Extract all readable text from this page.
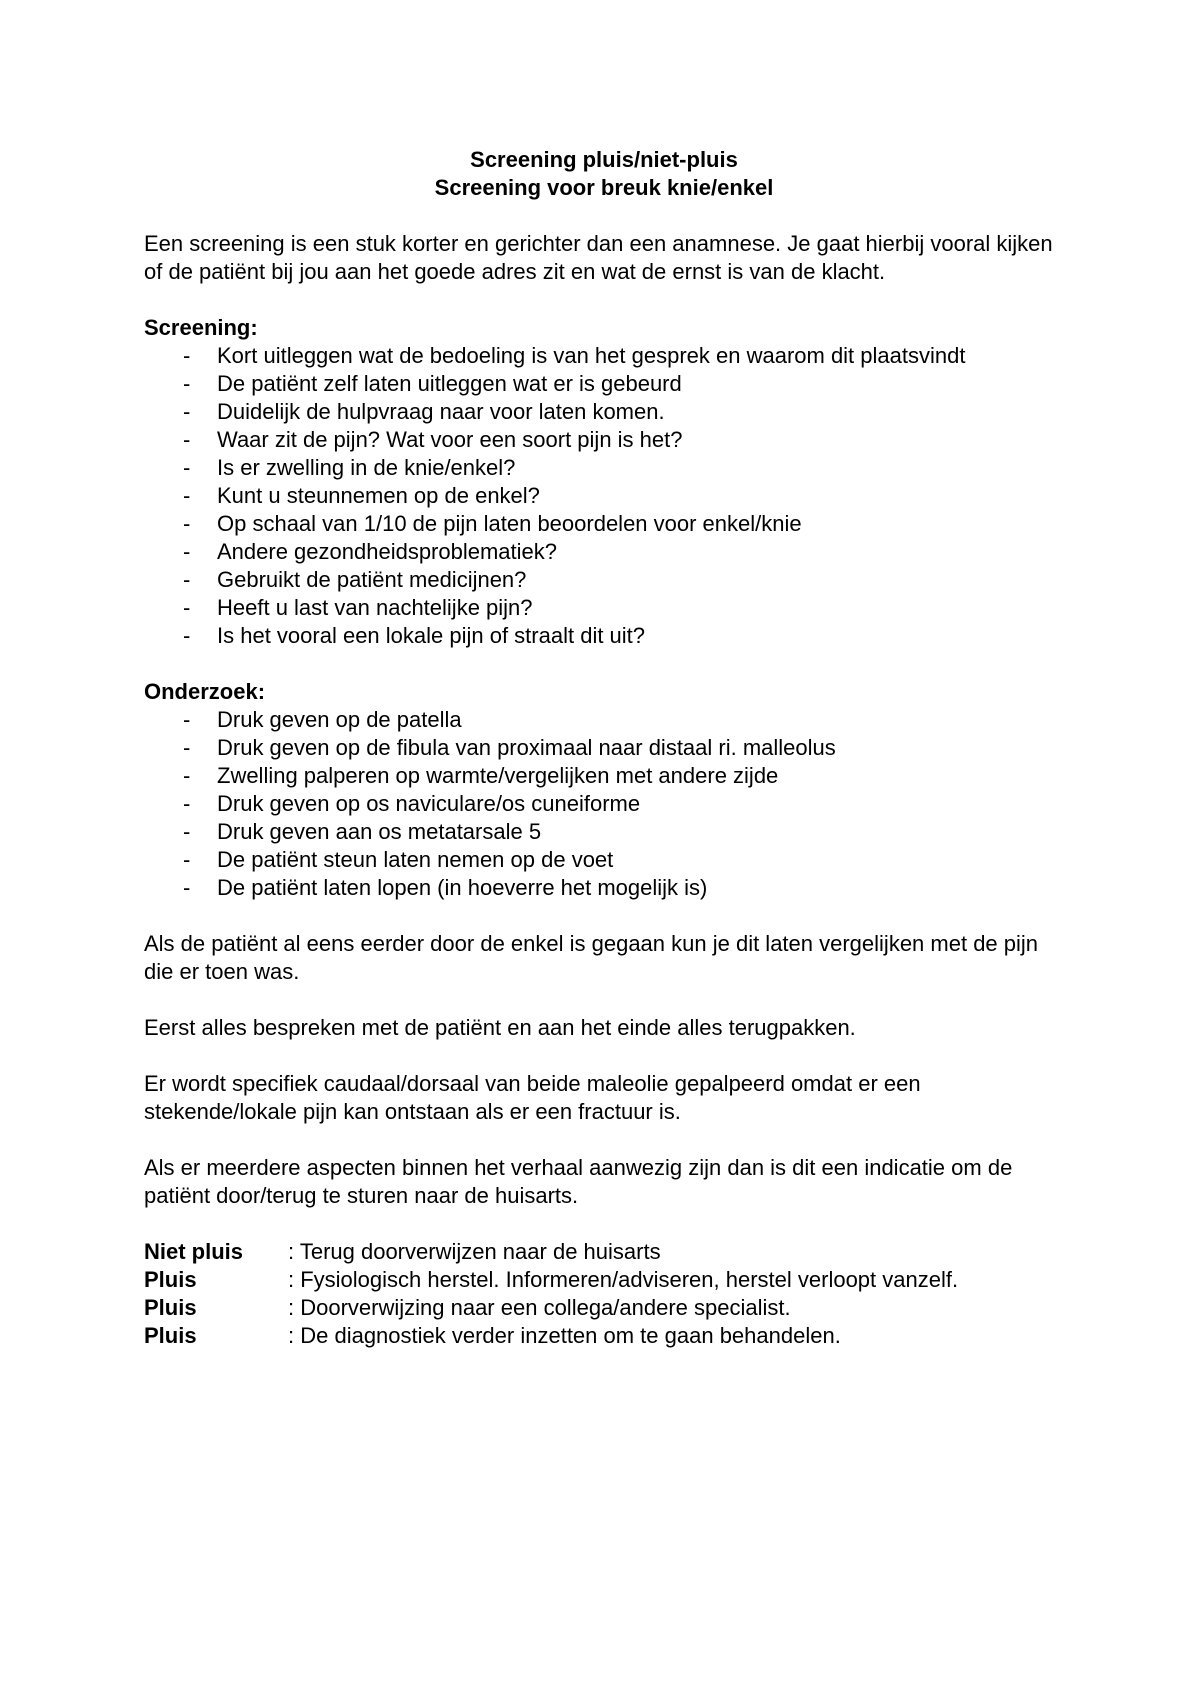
Screening pluis/niet-pluis
Screening voor breuk knie/enkel

Een screening is een stuk korter en gerichter dan een anamnese. Je gaat hierbij vooral kijken of de patiënt bij jou aan het goede adres zit en wat de ernst is van de klacht.

Screening:
- Kort uitleggen wat de bedoeling is van het gesprek en waarom dit plaatsvindt
- De patiënt zelf laten uitleggen wat er is gebeurd
- Duidelijk de hulpvraag naar voor laten komen.
- Waar zit de pijn? Wat voor een soort pijn is het?
- Is er zwelling in de knie/enkel?
- Kunt u steunnemen op de enkel?
- Op schaal van 1/10 de pijn laten beoordelen voor enkel/knie
- Andere gezondheidsproblematiek?
- Gebruikt de patiënt medicijnen?
- Heeft u last van nachtelijke pijn?
- Is het vooral een lokale pijn of straalt dit uit?
Onderzoek:
- Druk geven op de patella
- Druk geven op de fibula van proximaal naar distaal ri. malleolus
- Zwelling palperen op warmte/vergelijken met andere zijde
- Druk geven op os naviculare/os cuneiforme
- Druk geven aan os metatarsale 5
- De patiënt steun laten nemen op de voet
- De patiënt laten lopen (in hoeverre het mogelijk is)

Als de patiënt al eens eerder door de enkel is gegaan kun je dit laten vergelijken met de pijn die er toen was.

Eerst alles bespreken met de patiënt en aan het einde alles terugpakken.

Er wordt specifiek caudaal/dorsaal van beide maleolie gepalpeerd omdat er een stekende/lokale pijn kan ontstaan als er een fractuur is.

Als er meerdere aspecten binnen het verhaal aanwezig zijn dan is dit een indicatie om de patiënt door/terug te sturen naar de huisarts.

Niet pluis	: Terug doorverwijzen naar de huisarts
Pluis	: Fysiologisch herstel. Informeren/adviseren, herstel verloopt vanzelf.
Pluis	: Doorverwijzing naar een collega/andere specialist.
Pluis	: De diagnostiek verder inzetten om te gaan behandelen.
